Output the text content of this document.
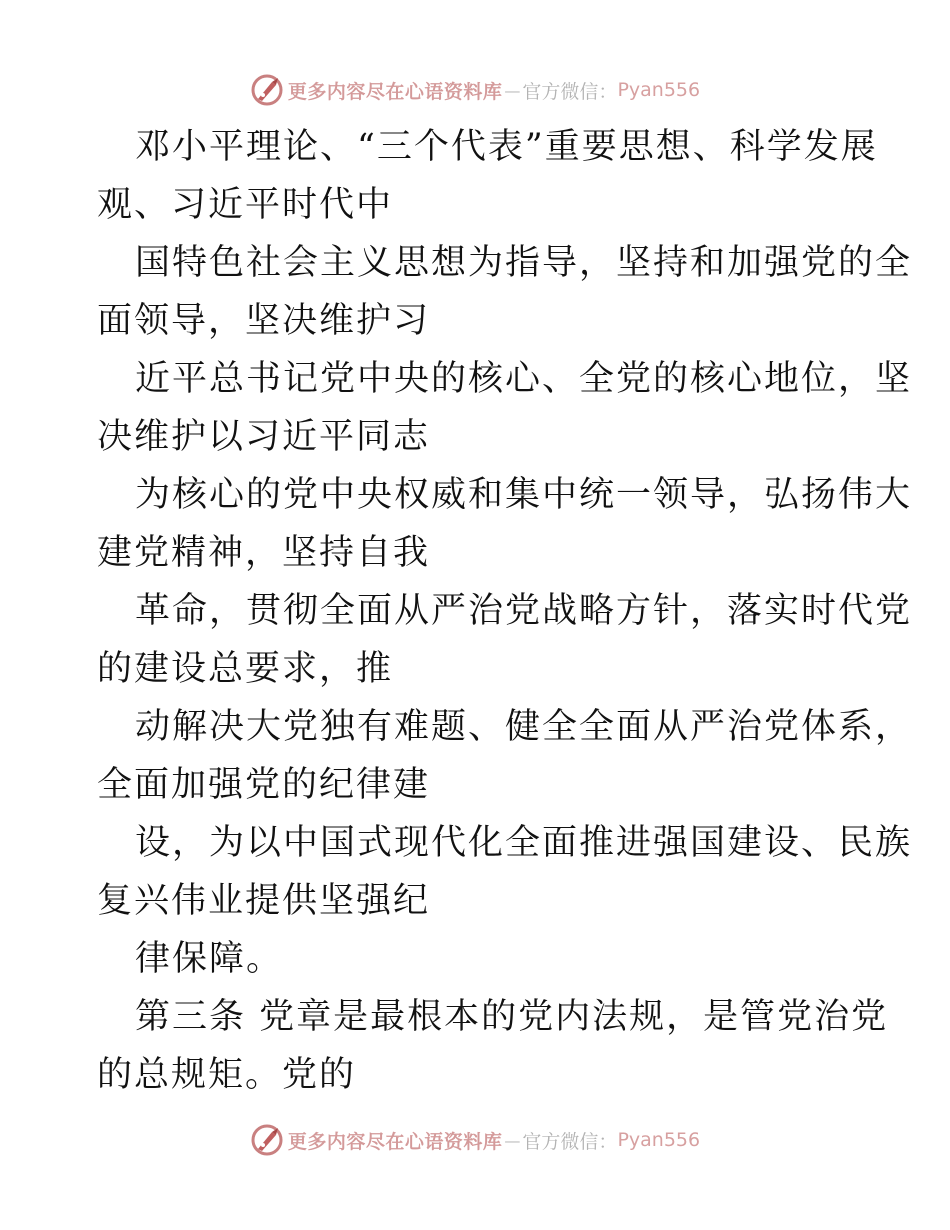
更多内容尽在心语资料库 — 官方微信： Pyan556
邓小平理论、“三个代表”重要思想、科学发展
观、习近平时代中
国特色社会主义思想为指导，坚持和加强党的全
面领导，坚决维护习
近平总书记党中央的核心、全党的核心地位，坚
决维护以习近平同志
为核心的党中央权威和集中统一领导，弘扬伟大
建党精神，坚持自我
革命，贯彻全面从严治党战略方针，落实时代党
的建设总要求，推
动解决大党独有难题、健全全面从严治党体系，
全面加强党的纪律建
设，为以中国式现代化全面推进强国建设、民族
复兴伟业提供坚强纪
律保障。
第三条 党章是最根本的党内法规，是管党治党
的总规矩。党的
更多内容尽在心语资料库 — 官方微信： Pyan556
